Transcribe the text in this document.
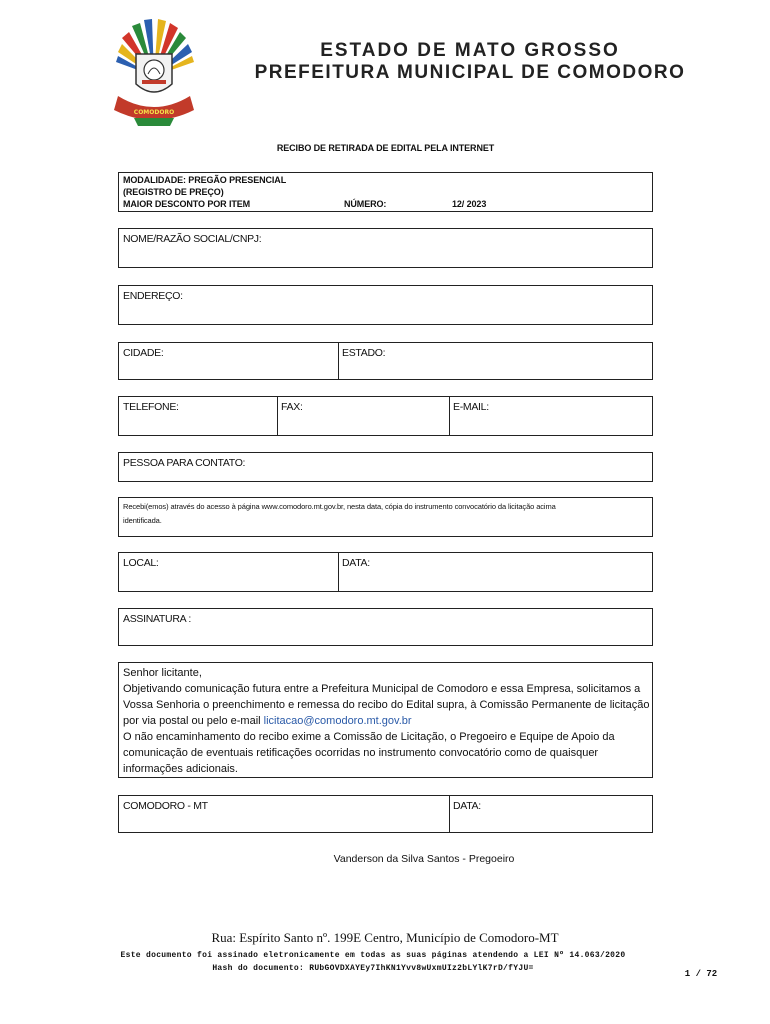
COMODORO
ESTADO DE MATO GROSSO
PREFEITURA MUNICIPAL DE COMODORO
RECIBO DE RETIRADA DE EDITAL PELA INTERNET
MODALIDADE: PREGÃO PRESENCIAL
(REGISTRO DE PREÇO)
MAIOR DESCONTO POR ITEM	NÚMERO:	12/ 2023
NOME/RAZÃO SOCIAL/CNPJ:
ENDEREÇO:
CIDADE:	ESTADO:
TELEFONE:	FAX:	E-MAIL:
PESSOA PARA CONTATO:
Recebi(emos) através do acesso à página www.comodoro.mt.gov.br, nesta data, cópia do instrumento convocatório da licitação acima
identificada.
LOCAL:	DATA:
ASSINATURA :
Senhor licitante,
Objetivando comunicação futura entre a Prefeitura Municipal de Comodoro e essa Empresa, solicitamos a
Vossa Senhoria o preenchimento e remessa do recibo do Edital supra, à Comissão Permanente de licitação
por via postal ou pelo e-mail licitacao@comodoro.mt.gov.br
O não encaminhamento do recibo exime a Comissão de Licitação, o Pregoeiro e Equipe de Apoio da
comunicação de eventuais retificações ocorridas no instrumento convocatório como de quaisquer
informações adicionais.
COMODORO - MT	DATA:
Vanderson da Silva Santos - Pregoeiro
Rua: Espírito Santo nº. 199E Centro, Município de Comodoro-MT
Este documento foi assinado eletronicamente em todas as suas páginas atendendo a LEI Nº 14.063/2020
Hash do documento: RUbGOVDXAYEy7IhKN1Yvv8wUxmUIz2bLYlK7rD/fYJU=
1 / 72
